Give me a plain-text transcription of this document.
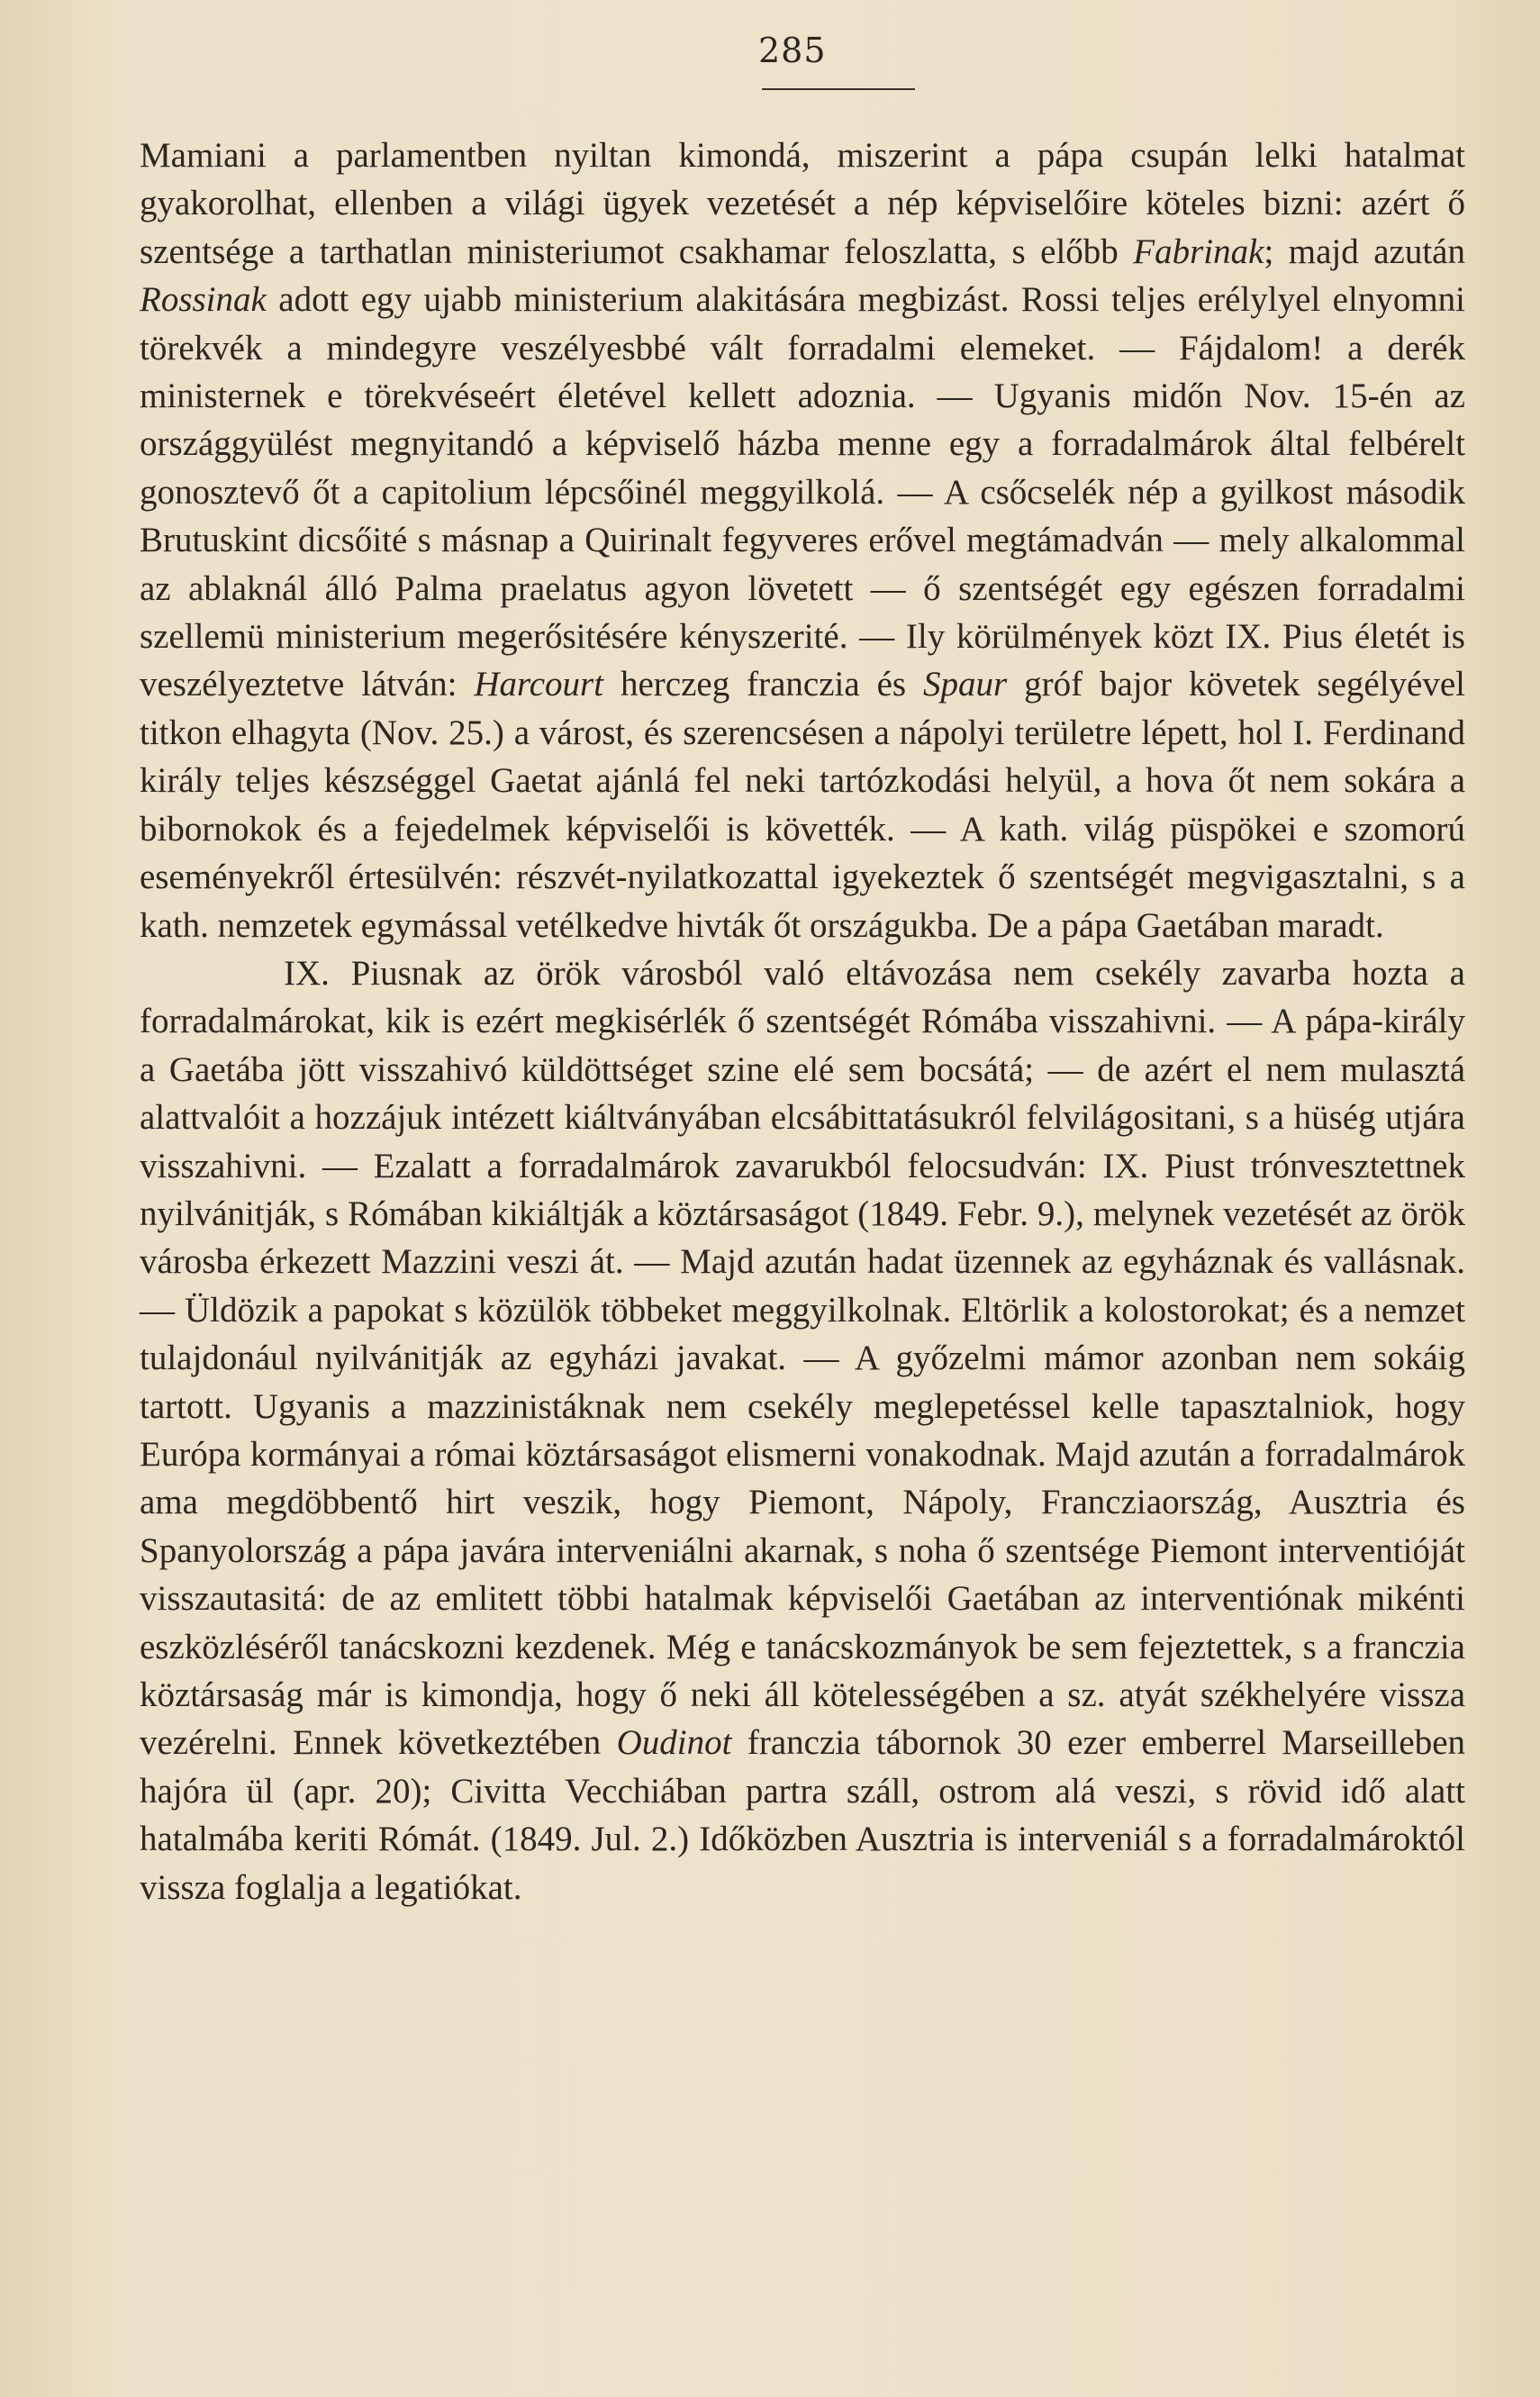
285

Mamiani a parlamentben nyiltan kimondá, miszerint a pápa csupán lelki hatalmat gyakorolhat, ellenben a világi ügyek vezetését a nép képviselőire köteles bizni: azért ő szentsége a tarthatlan ministeriumot csakhamar feloszlatta, s előbb Fabrinak; majd azután Rossinak adott egy ujabb ministerium alakitására megbizást. Rossi teljes erélylyel elnyomni törekvék a mindegyre veszélyesbbé vált forradalmi elemeket. — Fájdalom! a derék ministernek e törekvéseért életével kellett adoznia. — Ugyanis midőn Nov. 15-én az országgyülést megnyitandó a képviselő házba menne egy a forradalmárok által felbérelt gonosztevő őt a capitolium lépcsőinél meggyilkolá. — A csőcselék nép a gyilkost második Brutuskint dicsőité s másnap a Quirinalt fegyveres erővel megtámadván — mely alkalommal az ablaknál álló Palma praelatus agyon lövetett — ő szentségét egy egészen forradalmi szellemü ministerium megerősitésére kényszerité. — Ily körülmények közt IX. Pius életét is veszélyeztetve látván: Harcourt herczeg franczia és Spaur gróf bajor követek segélyével titkon elhagyta (Nov. 25.) a várost, és szerencsésen a nápolyi területre lépett, hol I. Ferdinand király teljes készséggel Gaetat ajánlá fel neki tartózkodási helyül, a hova őt nem sokára a bibornokok és a fejedelmek képviselői is követték. — A kath. világ püspökei e szomorú eseményekről értesülvén: részvét-nyilatkozattal igyekeztek ő szentségét megvigasztalni, s a kath. nemzetek egymással vetélkedve hivták őt országukba. De a pápa Gaetában maradt.

IX. Piusnak az örök városból való eltávozása nem csekély zavarba hozta a forradalmárokat, kik is ezért megkisérlék ő szentségét Rómába visszahivni. — A pápa-király a Gaetába jött visszahivó küldöttséget szine elé sem bocsátá; — de azért el nem mulasztá alattvalóit a hozzájuk intézett kiáltványában elcsábittatásukról felvilágositani, s a hüség utjára visszahivni. — Ezalatt a forradalmárok zavarukból felocsudván: IX. Piust trónvesztettnek nyilvánitják, s Rómában kikiáltják a köztársaságot (1849. Febr. 9.), melynek vezetését az örök városba érkezett Mazzini veszi át. — Majd azután hadat üzennek az egyháznak és vallásnak. — Üldözik a papokat s közülök többeket meggyilkolnak. Eltörlik a kolostorokat; és a nemzet tulajdonául nyilvánitják az egyházi javakat. — A győzelmi mámor azonban nem sokáig tartott. Ugyanis a mazzinistáknak nem csekély meglepetéssel kelle tapasztalniok, hogy Európa kormányai a római köztársaságot elismerni vonakodnak. Majd azután a forradalmárok ama megdöbbentő hirt veszik, hogy Piemont, Nápoly, Francziaország, Ausztria és Spanyolország a pápa javára interveniálni akarnak, s noha ő szentsége Piemont interventióját visszautasitá: de az emlitett többi hatalmak képviselői Gaetában az interventiónak mikénti eszközléséről tanácskozni kezdenek. Még e tanácskozmányok be sem fejeztettek, s a franczia köztársaság már is kimondja, hogy ő neki áll kötelességében a sz. atyát székhelyére vissza vezérelni. Ennek következtében Oudinot franczia tábornok 30 ezer emberrel Marseilleben hajóra ül (apr. 20); Civitta Vecchiában partra száll, ostrom alá veszi, s rövid idő alatt hatalmába keriti Rómát. (1849. Jul. 2.) Időközben Ausztria is interveniál s a forradalmároktól vissza foglalja a legatiókat.
